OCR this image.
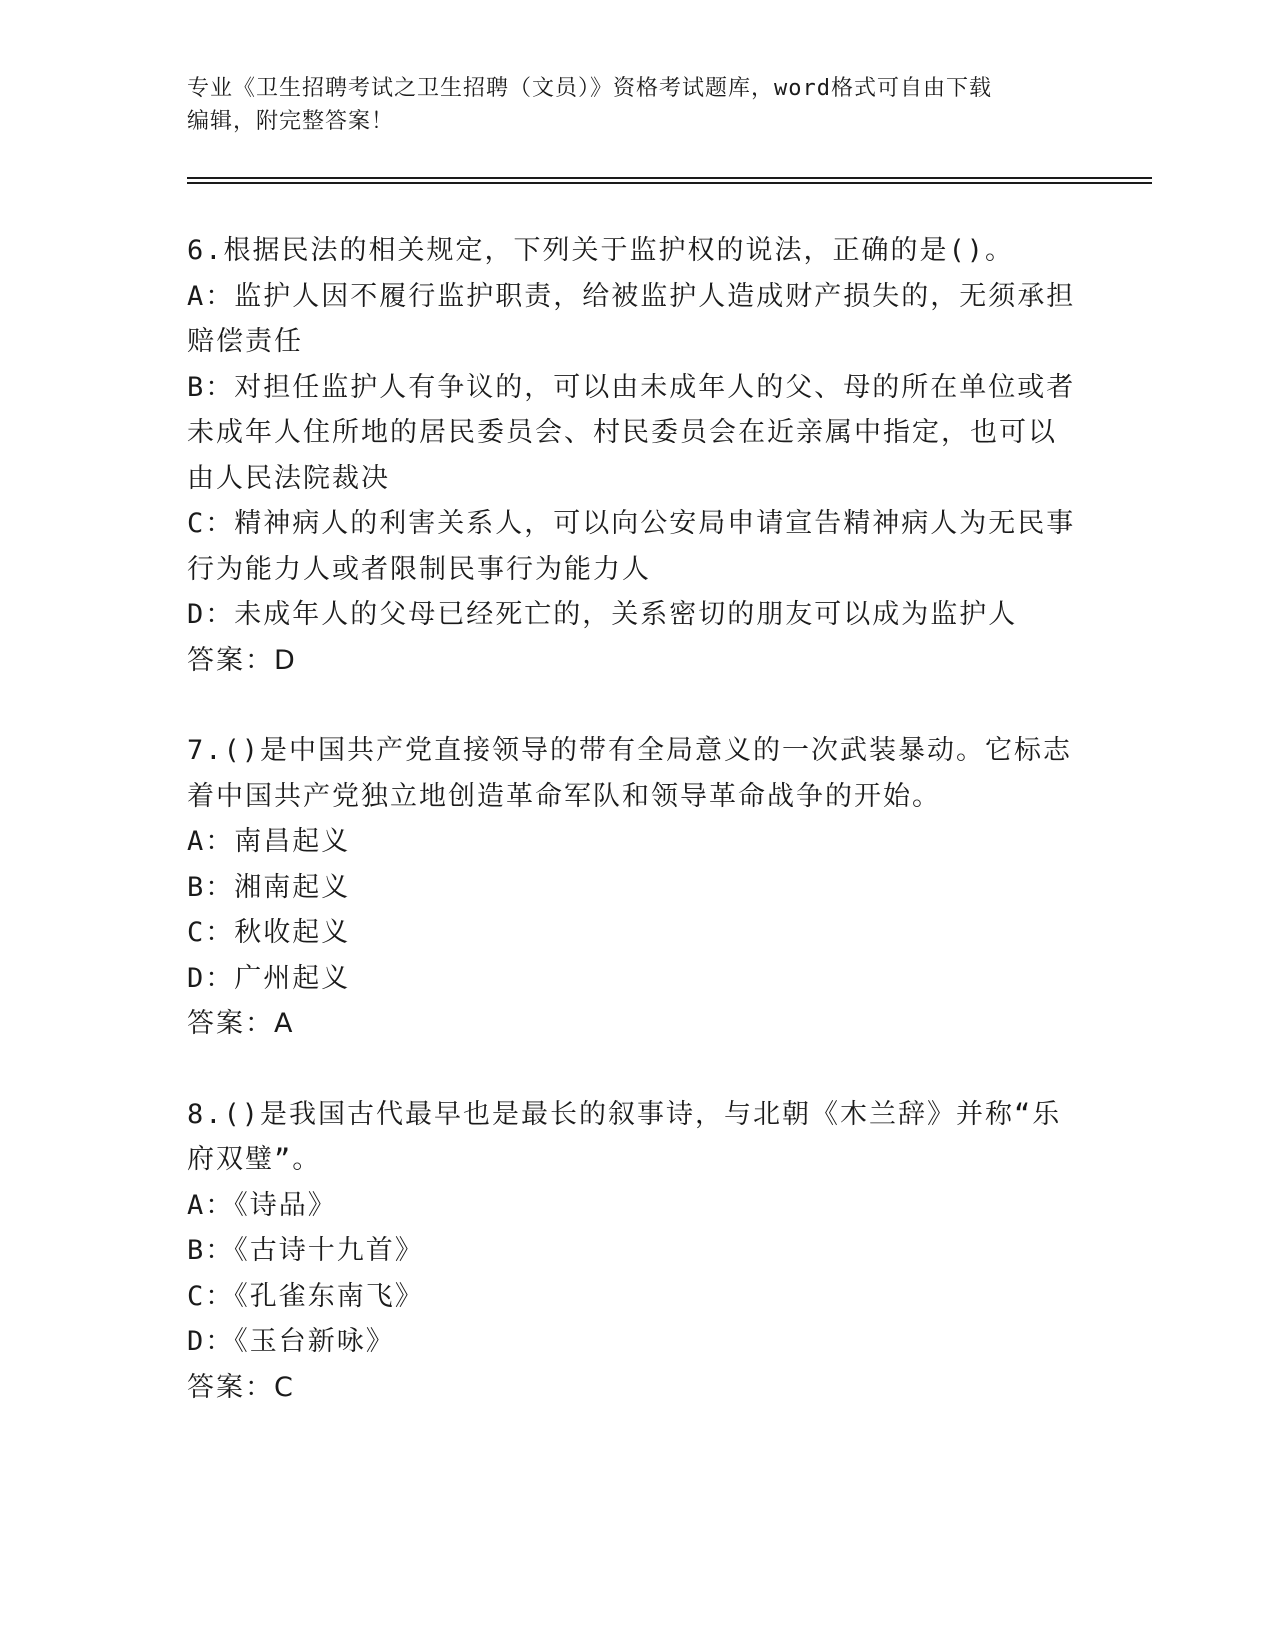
专业《卫生招聘考试之卫生招聘（文员）》资格考试题库，word格式可自由下载
编辑，附完整答案！

6.根据民法的相关规定，下列关于监护权的说法，正确的是()。

A：监护人因不履行监护职责，给被监护人造成财产损失的，无须承担

赔偿责任

B：对担任监护人有争议的，可以由未成年人的父、母的所在单位或者

未成年人住所地的居民委员会、村民委员会在近亲属中指定，也可以

由人民法院裁决

C：精神病人的利害关系人，可以向公安局申请宣告精神病人为无民事

行为能力人或者限制民事行为能力人

D：未成年人的父母已经死亡的，关系密切的朋友可以成为监护人

答案：D

7.()是中国共产党直接领导的带有全局意义的一次武装暴动。它标志

着中国共产党独立地创造革命军队和领导革命战争的开始。

A：南昌起义

B：湘南起义

C：秋收起义

D：广州起义

答案：A

8.()是我国古代最早也是最长的叙事诗，与北朝《木兰辞》并称“乐

府双璧”。

A：《诗品》

B：《古诗十九首》

C：《孔雀东南飞》

D：《玉台新咏》

答案：C
